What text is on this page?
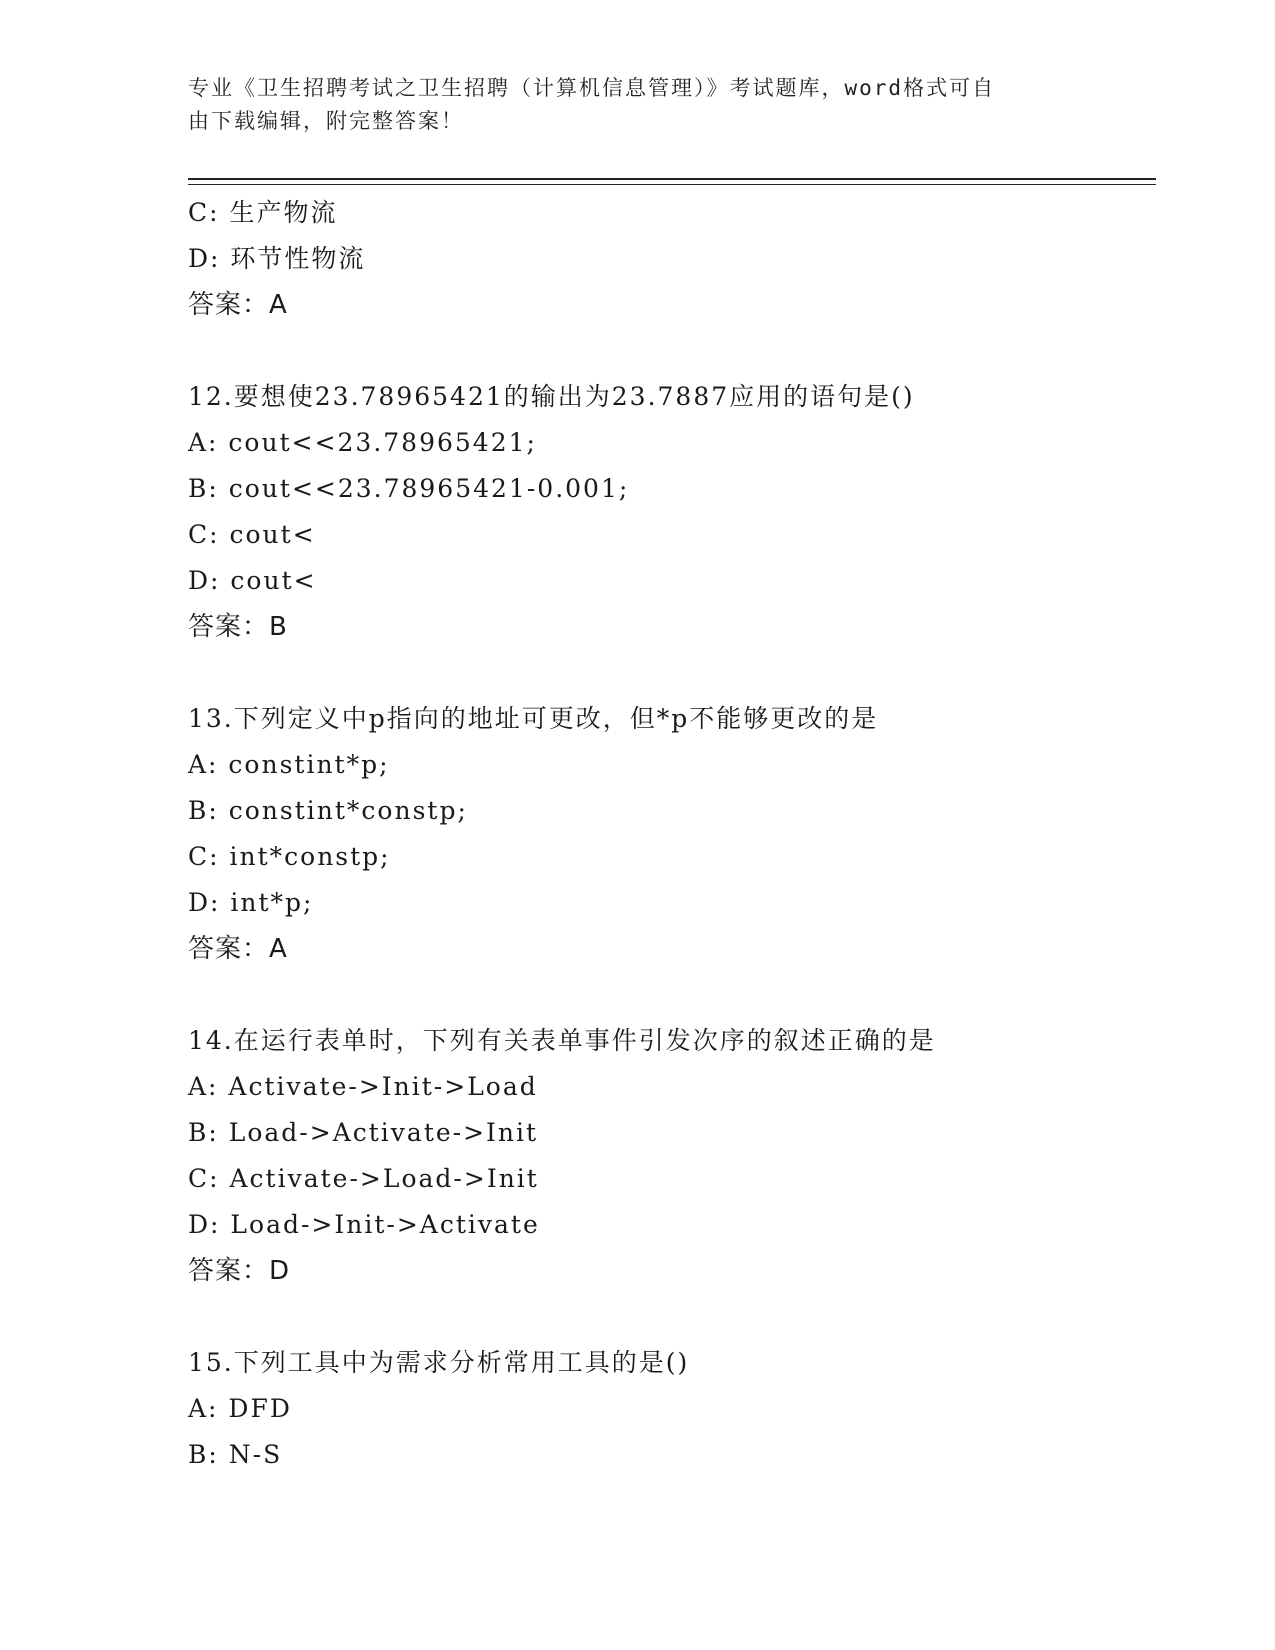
专业《卫生招聘考试之卫生招聘（计算机信息管理）》考试题库，word格式可自
由下载编辑，附完整答案！
C: 生产物流
D: 环节性物流
答案：A
12.要想使23.78965421的输出为23.7887应用的语句是()
A: cout<<23.78965421;
B: cout<<23.78965421-0.001;
C: cout<
D: cout<
答案：B
13.下列定义中p指向的地址可更改，但*p不能够更改的是
A: constint*p;
B: constint*constp;
C: int*constp;
D: int*p;
答案：A
14.在运行表单时，下列有关表单事件引发次序的叙述正确的是
A: Activate->Init->Load
B: Load->Activate->Init
C: Activate->Load->Init
D: Load->Init->Activate
答案：D
15.下列工具中为需求分析常用工具的是()
A: DFD
B: N-S
